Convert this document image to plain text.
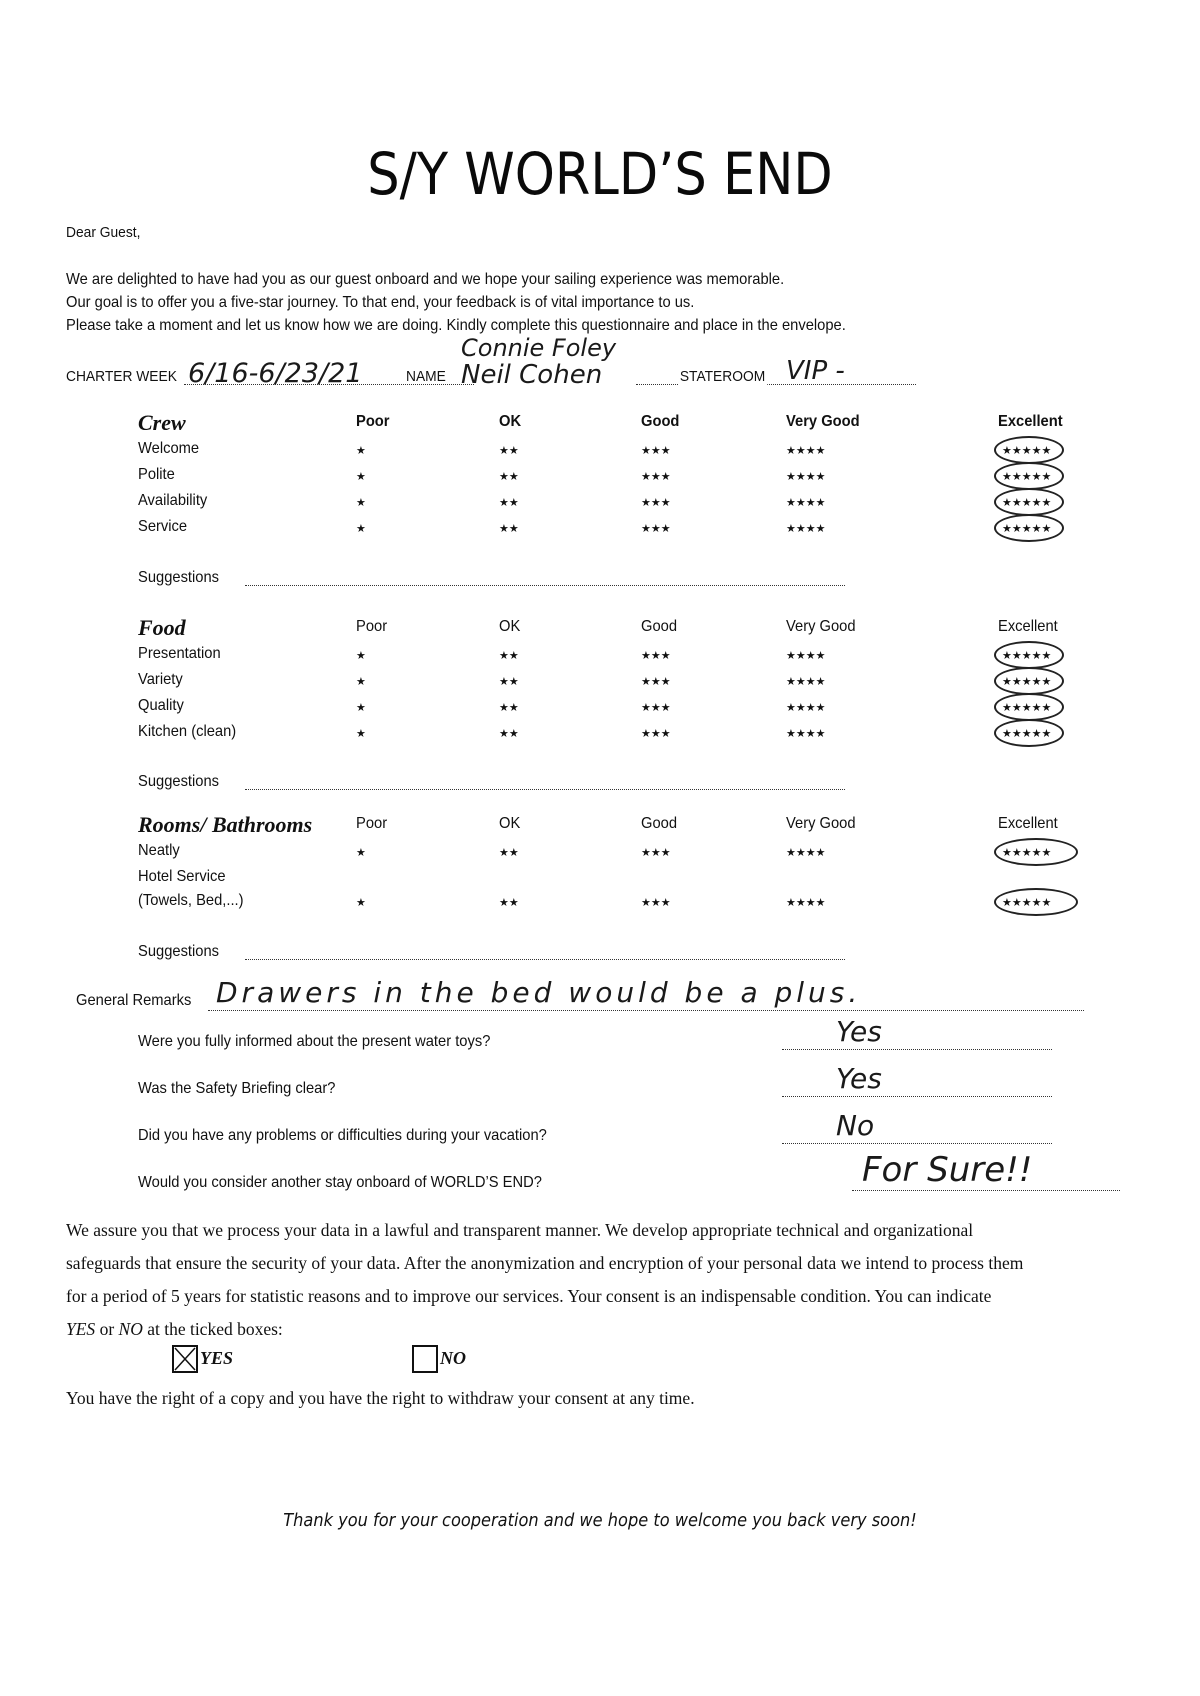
S/Y WORLD’S END
Dear Guest,
We are delighted to have had you as our guest onboard and we hope your sailing experience was memorable.
Our goal is to offer you a five-star journey. To that end, your feedback is of vital importance to us.
Please take a moment and let us know how we are doing. Kindly complete this questionnaire and place in the envelope.
CHARTER WEEK 6/16-6/23/21	NAME
Connie Foley
Neil Cohen	STATEROOM VIP -
Crew	Poor	OK	Good	Very Good	Excellent
Welcome	★	★★	★★★	★★★★	★★★★★
Polite	★	★★	★★★	★★★★	★★★★★
Availability	★	★★	★★★	★★★★	★★★★★
Service	★	★★	★★★	★★★★	★★★★★
Suggestions
Food	Poor	OK	Good	Very Good	Excellent
Presentation	★	★★	★★★	★★★★	★★★★★
Variety	★	★★	★★★	★★★★	★★★★★
Quality	★	★★	★★★	★★★★	★★★★★
Kitchen (clean)	★	★★	★★★	★★★★	★★★★★
Suggestions
Rooms/ Bathrooms	Poor	OK	Good	Very Good	Excellent
Neatly	★	★★	★★★	★★★★	★★★★★
Hotel Service
(Towels, Bed,...)	★	★★	★★★	★★★★	★★★★★
Suggestions
General Remarks Drawers in the bed would be a plus.
Were you fully informed about the present water toys?	Yes
Was the Safety Briefing clear?	Yes
Did you have any problems or difficulties during your vacation?	No
Would you consider another stay onboard of WORLD’S END?	For Sure!!
We assure you that we process your data in a lawful and transparent manner. We develop appropriate technical and organizational
safeguards that ensure the security of your data. After the anonymization and encryption of your personal data we intend to process them
for a period of 5 years for statistic reasons and to improve our services. Your consent is an indispensable condition. You can indicate
YES or NO at the ticked boxes:
YES	NO
You have the right of a copy and you have the right to withdraw your consent at any time.
Thank you for your cooperation and we hope to welcome you back very soon!
